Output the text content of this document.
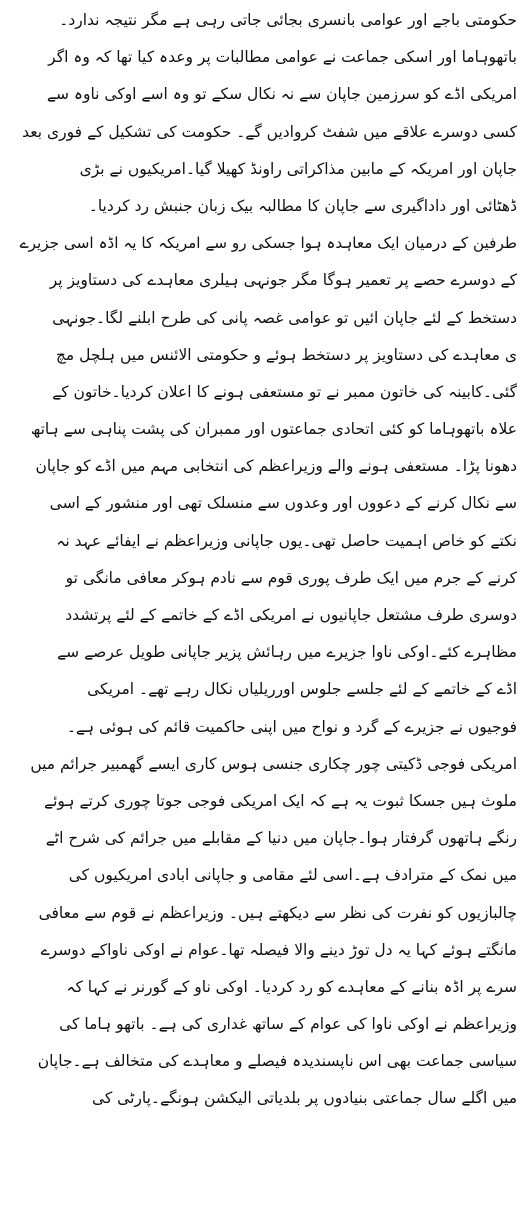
حکومتی باجے اور عوامی بانسری بجائی جاتی رہی ہے مگر نتیجہ ندارد۔
باتھوہاما اور اسکی جماعت نے عوامی مطالبات پر وعدہ کیا تھا کہ وہ اگر
امریکی اڈے کو سرزمین جاپان سے نہ نکال سکے تو وہ اسے اوکی ناوہ سے
کسی دوسرے علاقے میں شفٹ کروادیں گے۔ حکومت کی تشکیل کے فوری بعد
جاپان اور امریکہ کے مابین مذاکراتی راونڈ کھیلا گیا۔امریکیوں نے بڑی
ڈھٹائی اور داداگیری سے جاپان کا مطالبہ بیک زبان جنبش رد کردیا۔
طرفین کے درمیان ایک معاہدہ ہوا جسکی رو سے امریکہ کا یہ اڈہ اسی جزیرے
کے دوسرے حصے پر تعمیر ہوگا مگر جونہی ہیلری معاہدے کی دستاویز پر
دستخط کے لئے جاپان ائیں تو عوامی غصہ پانی کی طرح ابلنے لگا۔جونہی
ی معاہدے کی دستاویز پر دستخط ہوئے و حکومتی الائنس میں ہلچل مچ
گئی۔کابینہ کی خاتون ممبر نے تو مستعفی ہونے کا اعلان کردیا۔خاتون کے
علاہ باتھوہاما کو کئی اتحادی جماعتوں اور ممبران کی پشت پناہی سے ہاتھ
دھونا پڑا۔ مستعفی ہونے والے وزیراعظم کی انتخابی مہم میں اڈے کو جاپان
سے نکال کرنے کے دعووں اور وعدوں سے منسلک تھی اور منشور کے اسی
نکتے کو خاص اہمیت حاصل تھی۔یوں جاپانی وزیراعظم نے ایفائے عہد نہ
کرنے کے جرم میں ایک طرف پوری قوم سے نادم ہوکر معافی مانگی تو
دوسری طرف مشتعل جاپانیوں نے امریکی اڈے کے خاتمے کے لئے پرتشدد
مظاہرے کئے۔اوکی ناوا جزیرے میں رہائش پزیر جاپانی طویل عرصے سے
اڈے کے خاتمے کے لئے جلسے جلوس اورریلیاں نکال رہے تھے۔ امریکی
فوجیوں نے جزیرے کے گرد و نواح میں اپنی حاکمیت قائم کی ہوئی ہے۔
امریکی فوجی ڈکیتی چور چکاری جنسی ہوس کاری ایسے گھمبیر جرائم میں
ملوث ہیں جسکا ثبوت یہ ہے کہ ایک امریکی فوجی جوتا چوری کرتے ہوئے
رنگے ہاتھوں گرفتار ہوا۔جاپان میں دنیا کے مقابلے میں جرائم کی شرح اٹے
میں نمک کے مترادف ہے۔اسی لئے مقامی و جاپانی ابادی امریکیوں کی
چالبازیوں کو نفرت کی نظر سے دیکھتے ہیں۔ وزیراعظم نے قوم سے معافی
مانگتے ہوئے کہا یہ دل توڑ دینے والا فیصلہ تھا۔عوام نے اوکی ناواکے دوسرے
سرے پر اڈہ بنانے کے معاہدے کو رد کردیا۔ اوکی ناو کے گورنر نے کہا کہ
وزیراعظم نے اوکی ناوا کی عوام کے ساتھ غداری کی ہے۔ باتھو ہاما کی
سیاسی جماعت بھی اس ناپسندیدہ فیصلے و معاہدے کی متخالف ہے۔جاپان
میں اگلے سال جماعتی بنیادوں پر بلدیاتی الیکشن ہونگے۔پارٹی کی
